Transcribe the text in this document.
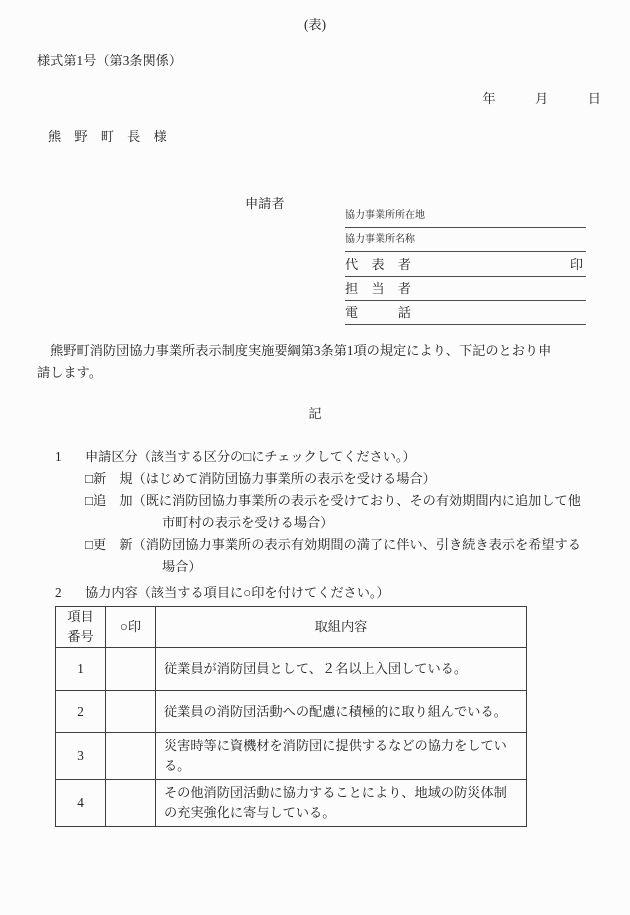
(表)
様式第1号（第3条関係）
年　　　月　　　日
熊　野　町　長　様
申請者
協力事業所所在地
協力事業所名称
代　表　者	印
担　当　者
電　　　話
　熊野町消防団協力事業所表示制度実施要綱第3条第1項の規定により、下記のとおり申
請します。
記
1	申請区分（該当する区分の□にチェックしてください。）
□新　規（はじめて消防団協力事業所の表示を受ける場合）
□追　加（既に消防団協力事業所の表示を受けており、その有効期間内に追加して他
市町村の表示を受ける場合）
□更　新（消防団協力事業所の表示有効期間の満了に伴い、引き続き表示を希望する
場合）
2	協力内容（該当する項目に○印を付けてください。）
項目
番号	○印	取組内容
1		従業員が消防団員として、２名以上入団している。
2		従業員の消防団活動への配慮に積極的に取り組んでいる。
3		災害時等に資機材を消防団に提供するなどの協力をしている。
4		その他消防団活動に協力することにより、地域の防災体制の充実強化に寄与している。
